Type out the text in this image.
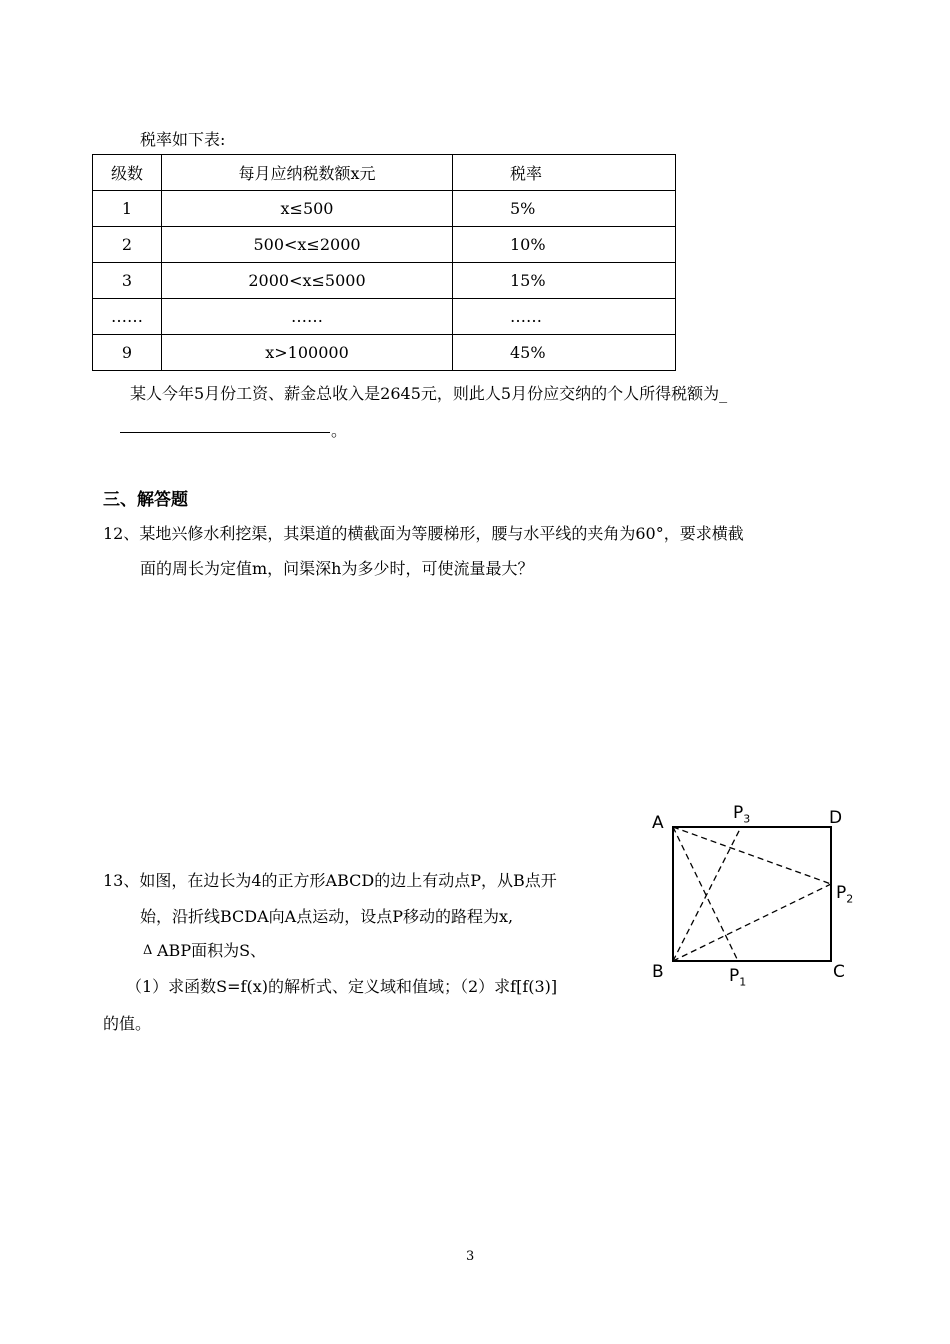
税率如下表:
级数	每月应纳税数额x元	税率
1	x≤500	5%
2	500<x≤2000	10%
3	2000<x≤5000	15%
……	……	……
9	x>100000	45%
某人今年5月份工资、薪金总收入是2645元，则此人5月份应交纳的个人所得税额为_
。
三、解答题
12、某地兴修水利挖渠，其渠道的横截面为等腰梯形，腰与水平线的夹角为60°，要求横截
面的周长为定值m，问渠深h为多少时，可使流量最大？
13、如图，在边长为4的正方形ABCD的边上有动点P，从B点开
始，沿折线BCDA向A点运动，设点P移动的路程为x,
Δ ABP面积为S、
（1）求函数S=f(x)的解析式、定义域和值域；（2）求f[f(3)]
的值。
A	D
B	C
$P_3$
$P_2$
$P_1$
3
